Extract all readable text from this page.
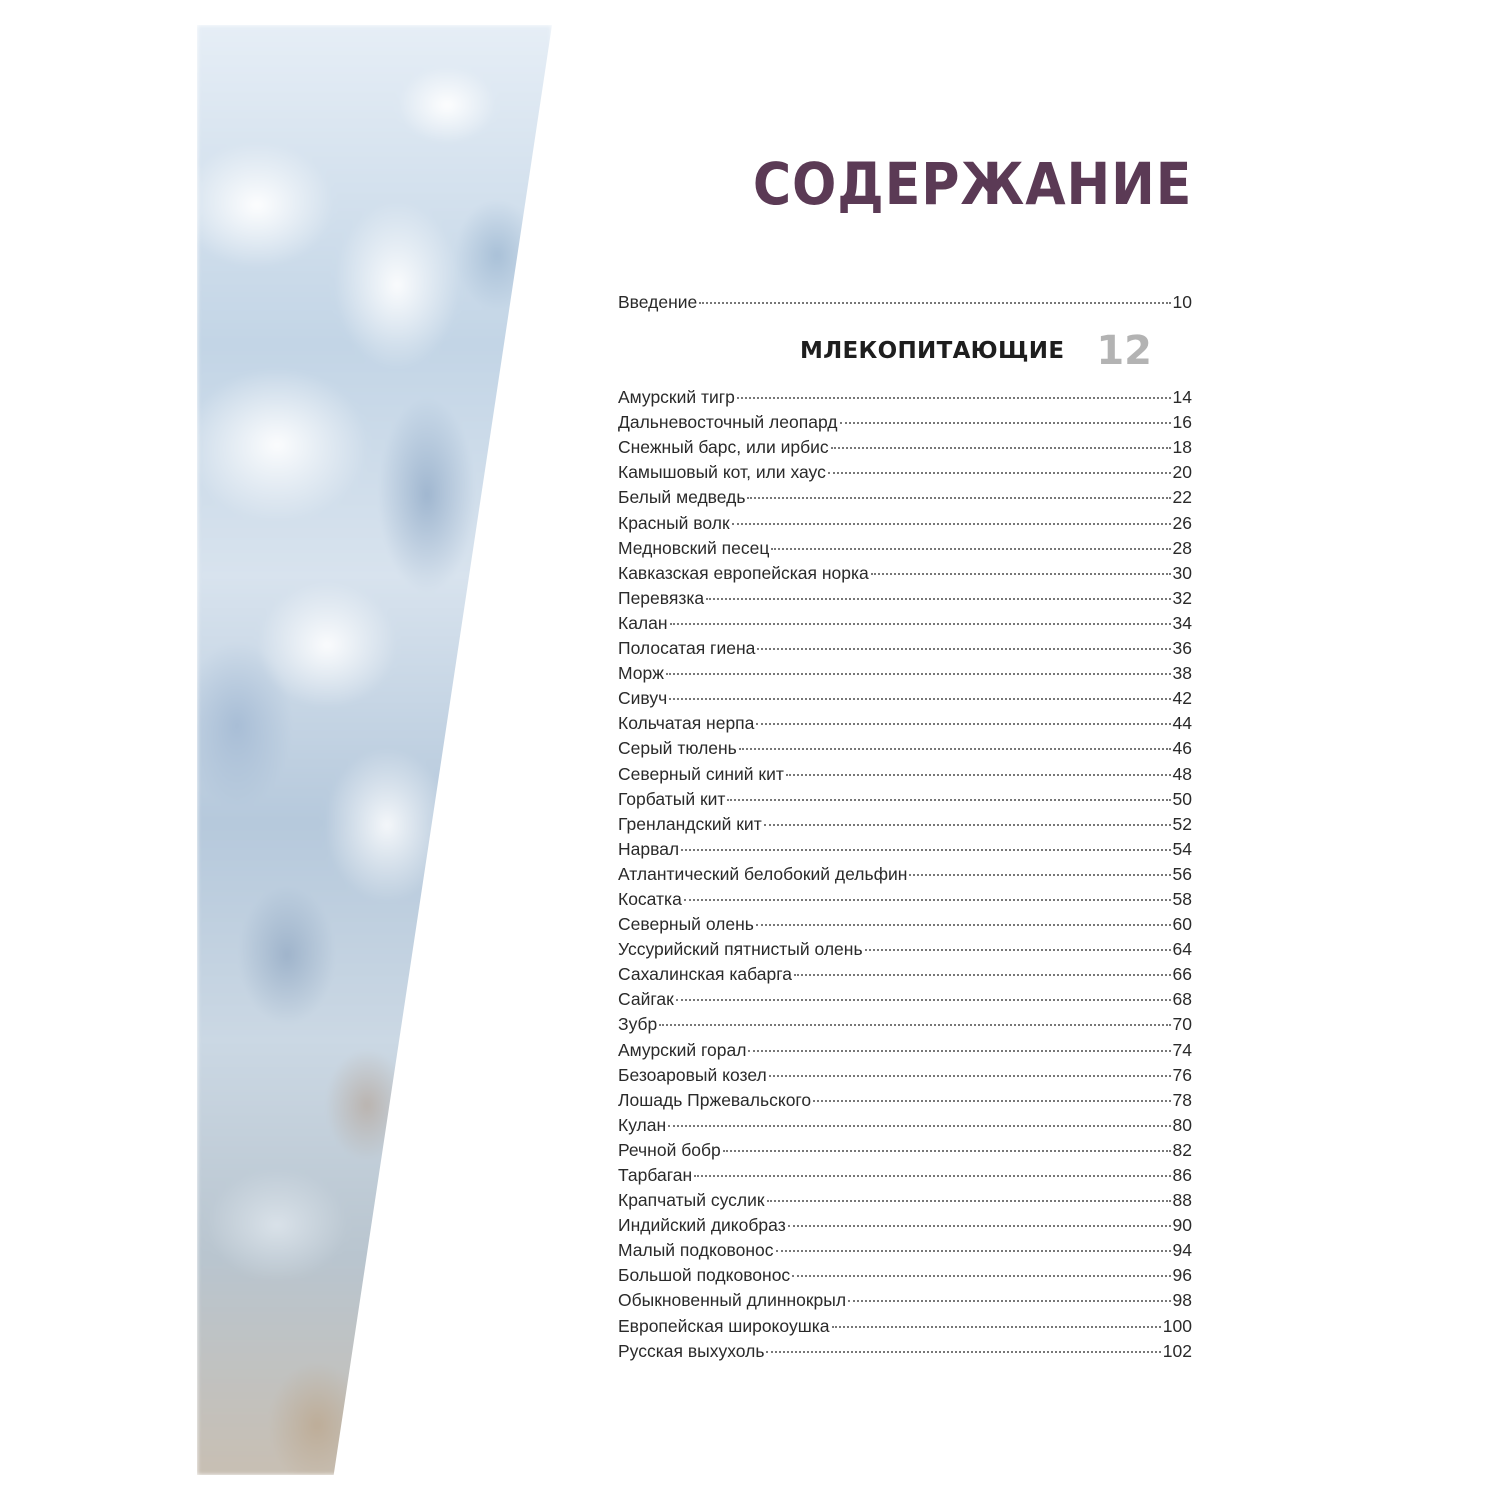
СОДЕРЖАНИЕ
Введение	10
МЛЕКОПИТАЮЩИЕ 12
Амурский тигр	14
Дальневосточный леопард	16
Снежный барс, или ирбис	18
Камышовый кот, или хаус	20
Белый медведь	22
Красный волк	26
Медновский песец	28
Кавказская европейская норка	30
Перевязка	32
Калан	34
Полосатая гиена	36
Морж	38
Сивуч	42
Кольчатая нерпа	44
Серый тюлень	46
Северный синий кит	48
Горбатый кит	50
Гренландский кит	52
Нарвал	54
Атлантический белобокий дельфин	56
Косатка	58
Северный олень	60
Уссурийский пятнистый олень	64
Сахалинская кабарга	66
Сайгак	68
Зубр	70
Амурский горал	74
Безоаровый козел	76
Лошадь Пржевальского	78
Кулан	80
Речной бобр	82
Тарбаган	86
Крапчатый суслик	88
Индийский дикобраз	90
Малый подковонос	94
Большой подковонос	96
Обыкновенный длиннокрыл	98
Европейская широкоушка	100
Русская выхухоль	102
